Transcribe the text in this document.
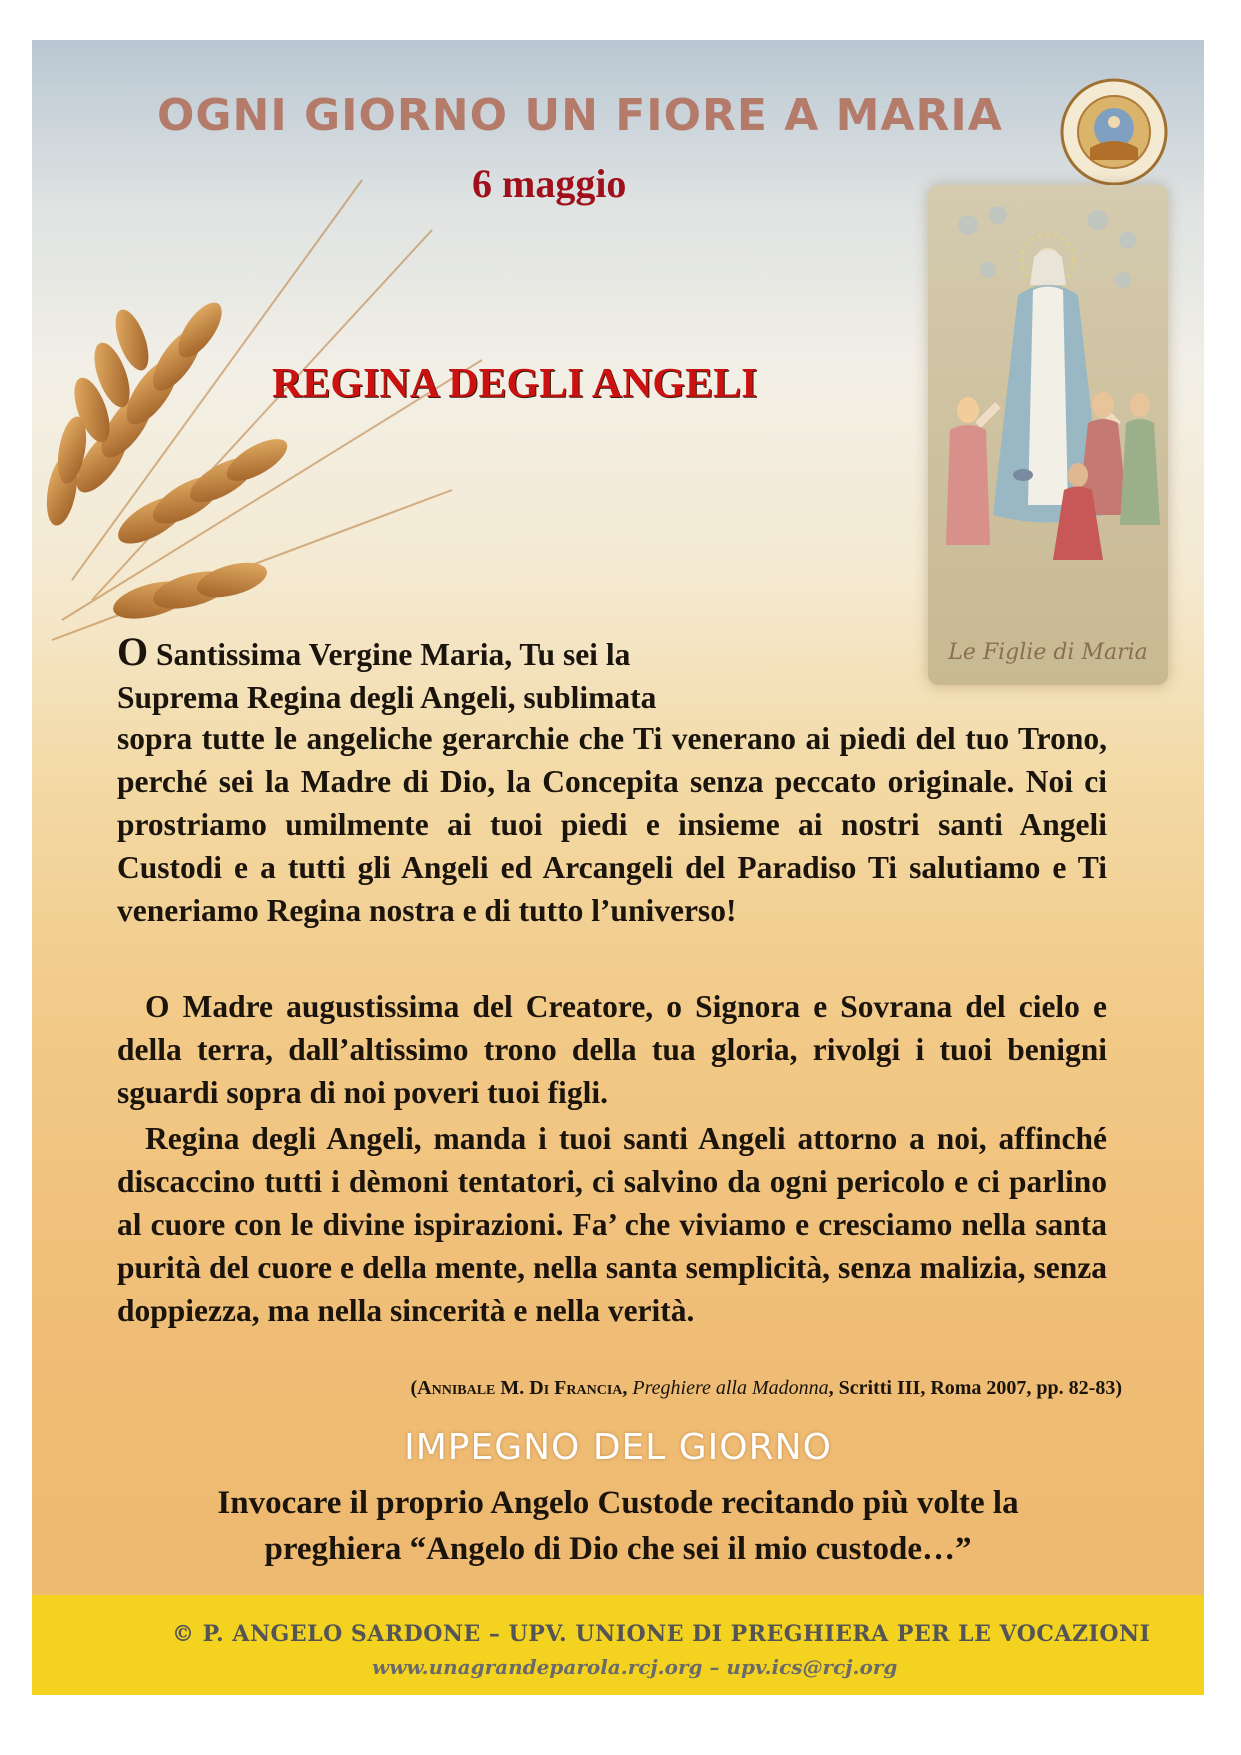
OGNI GIORNO UN FIORE A MARIA
6 maggio
REGINA DEGLI ANGELI
Le Figlie di Maria
O Santissima Vergine Maria, Tu sei la
Suprema Regina degli Angeli, sublimata
sopra tutte le angeliche gerarchie che Ti venerano ai piedi del tuo Trono, perché sei la Madre di Dio, la Concepita senza peccato originale. Noi ci prostriamo umilmente ai tuoi piedi e insieme ai nostri santi Angeli Custodi e a tutti gli Angeli ed Arcangeli del Paradiso Ti salutiamo e Ti veneriamo Regina nostra e di tutto l’universo!
O Madre augustissima del Creatore, o Signora e Sovrana del cielo e della terra, dall’altissimo trono della tua gloria, rivolgi i tuoi benigni sguardi sopra di noi poveri tuoi figli.
Regina degli Angeli, manda i tuoi santi Angeli attorno a noi, affinché discaccino tutti i dèmoni tentatori, ci salvino da ogni pericolo e ci parlino al cuore con le divine ispirazioni. Fa’ che viviamo e cresciamo nella santa purità del cuore e della mente, nella santa semplicità, senza malizia, senza doppiezza, ma nella sincerità e nella verità.
(Annibale M. Di Francia, Preghiere alla Madonna, Scritti III, Roma 2007, pp. 82-83)
IMPEGNO DEL GIORNO
Invocare il proprio Angelo Custode recitando più volte la
preghiera “Angelo di Dio che sei il mio custode…”
© P. ANGELO SARDONE – UPV. UNIONE DI PREGHIERA PER LE VOCAZIONI
www.unagrandeparola.rcj.org – upv.ics@rcj.org
